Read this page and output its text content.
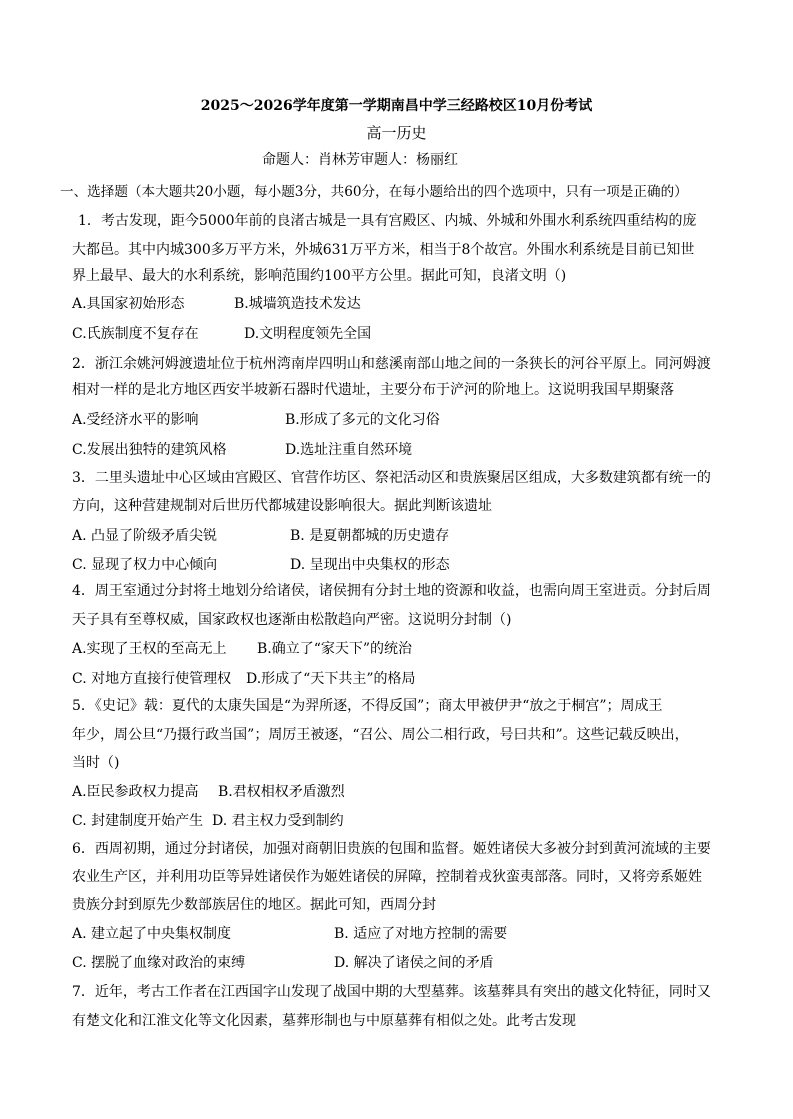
2025～2026学年度第一学期南昌中学三经路校区10月份考试
高一历史
命题人：肖林芳审题人：杨丽红
一、选择题（本大题共20小题，每小题3分，共60分，在每小题给出的四个选项中，只有一项是正确的）
1．考古发现，距今5000年前的良渚古城是一具有宫殿区、内城、外城和外围水利系统四重结构的庞
大都邑。其中内城300多万平方米，外城631万平方米，相当于8个故宫。外围水利系统是目前已知世
界上最早、最大的水利系统，影响范围约100平方公里。据此可知，良渚文明（)
A.具国家初始形态	B.城墙筑造技术发达
C.氏族制度不复存在	D.文明程度领先全国
2．浙江余姚河姆渡遗址位于杭州湾南岸四明山和慈溪南部山地之间的一条狭长的河谷平原上。同河姆渡
相对一样的是北方地区西安半坡新石器时代遗址，主要分布于浐河的阶地上。这说明我国早期聚落
A.受经济水平的影响	B.形成了多元的文化习俗
C.发展出独特的建筑风格	D.选址注重自然环境
3．二里头遗址中心区域由宫殿区、官营作坊区、祭祀活动区和贵族聚居区组成，大多数建筑都有统一的
方向，这种营建规制对后世历代都城建设影响很大。据此判断该遗址
A. 凸显了阶级矛盾尖锐	B. 是夏朝都城的历史遗存
C. 显现了权力中心倾向	D. 呈现出中央集权的形态
4．周王室通过分封将土地划分给诸侯，诸侯拥有分封土地的资源和收益，也需向周王室进贡。分封后周
天子具有至尊权威，国家政权也逐渐由松散趋向严密。这说明分封制（)
A.实现了王权的至高无上 B.确立了“家天下”的统治
C. 对地方直接行使管理权 D.形成了“天下共主”的格局
5．《史记》载：夏代的太康失国是“为羿所逐，不得反国”；商太甲被伊尹“放之于桐宫”；周成王
年少，周公旦“乃摄行政当国”；周厉王被逐，“召公、周公二相行政，号曰共和”。这些记载反映出，
当时（)
A.臣民参政权力提高 B.君权相权矛盾激烈
C. 封建制度开始产生 D. 君主权力受到制约
6．西周初期，通过分封诸侯，加强对商朝旧贵族的包围和监督。姬姓诸侯大多被分封到黄河流域的主要
农业生产区，并利用功臣等异姓诸侯作为姬姓诸侯的屏障，控制着戎狄蛮夷部落。同时，又将旁系姬姓
贵族分封到原先少数部族居住的地区。据此可知，西周分封
A. 建立起了中央集权制度	B. 适应了对地方控制的需要
C. 摆脱了血缘对政治的束缚	D. 解决了诸侯之间的矛盾
7．近年，考古工作者在江西国字山发现了战国中期的大型墓葬。该墓葬具有突出的越文化特征，同时又
有楚文化和江淮文化等文化因素，墓葬形制也与中原墓葬有相似之处。此考古发现
